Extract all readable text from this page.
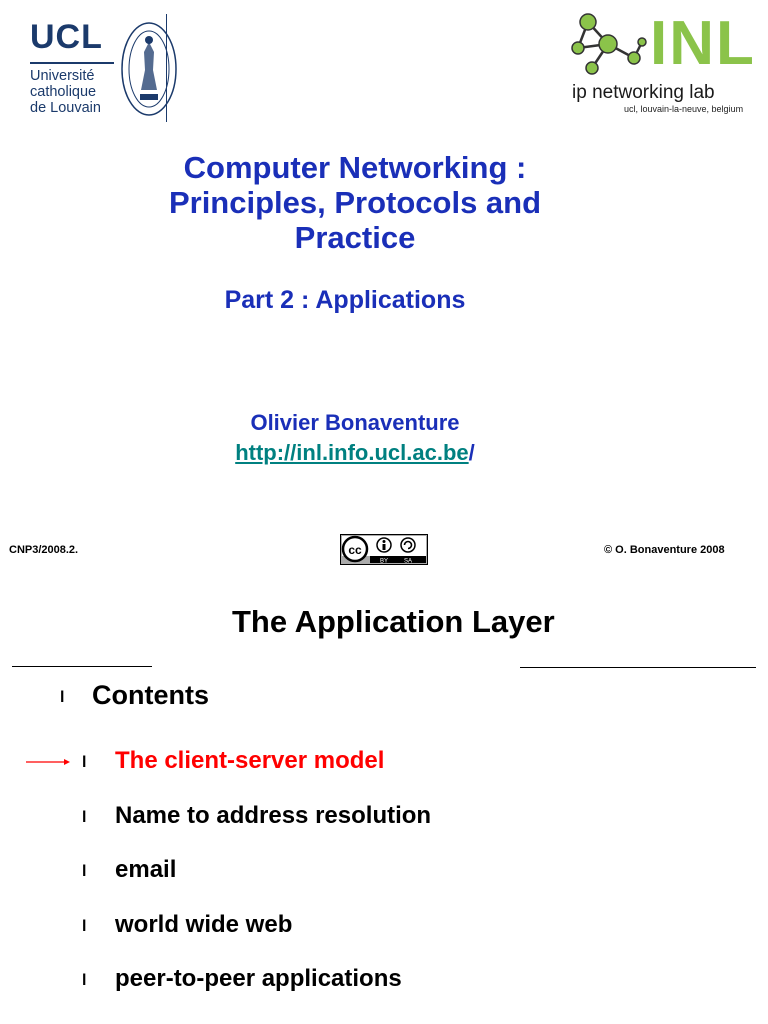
UCL
Université
catholique
de Louvain
INL
ip networking lab
ucl, louvain-la-neuve, belgium
Computer Networking :
Principles, Protocols and
Practice
Part 2 : Applications
Olivier Bonaventure
http://inl.info.ucl.ac.be/
CNP3/2008.2.	cc
BY	SA
© O. Bonaventure 2008
The Application Layer
l Contents
l The client-server model
l Name to address resolution
l email
l world wide web
l peer-to-peer applications
